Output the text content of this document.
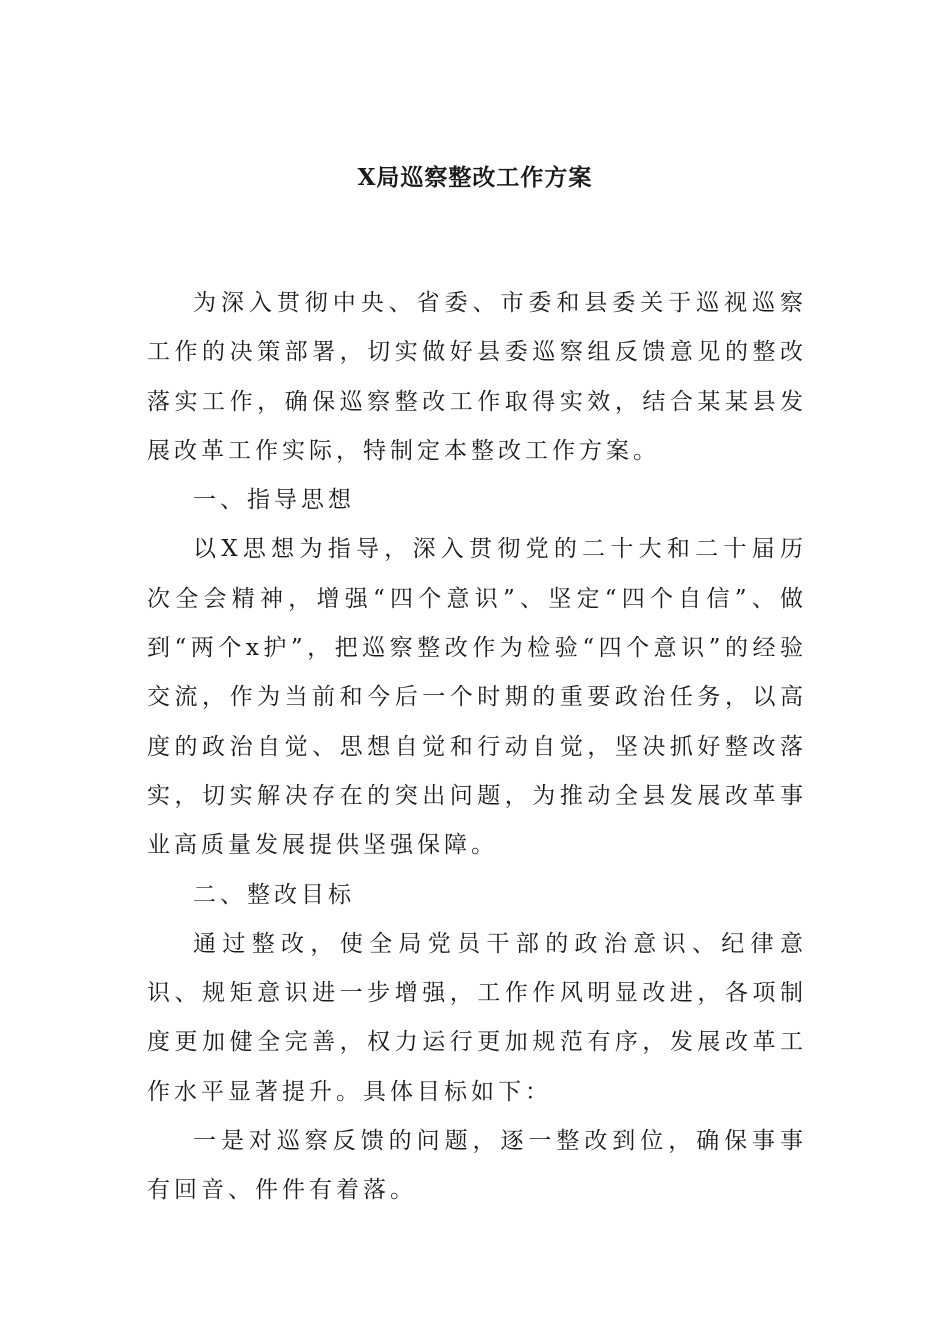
X局巡察整改工作方案

为深入贯彻中央、省委、市委和县委关于巡视巡察工作的决策部署，切实做好县委巡察组反馈意见的整改落实工作，确保巡察整改工作取得实效，结合某某县发展改革工作实际，特制定本整改工作方案。

一、指导思想

以X思想为指导，深入贯彻党的二十大和二十届历次全会精神，增强“四个意识”、坚定“四个自信”、做到“两个x护”，把巡察整改作为检验“四个意识”的经验交流，作为当前和今后一个时期的重要政治任务，以高度的政治自觉、思想自觉和行动自觉，坚决抓好整改落实，切实解决存在的突出问题，为推动全县发展改革事业高质量发展提供坚强保障。

二、整改目标

通过整改，使全局党员干部的政治意识、纪律意识、规矩意识进一步增强，工作作风明显改进，各项制度更加健全完善，权力运行更加规范有序，发展改革工作水平显著提升。具体目标如下：

一是对巡察反馈的问题，逐一整改到位，确保事事有回音、件件有着落。
